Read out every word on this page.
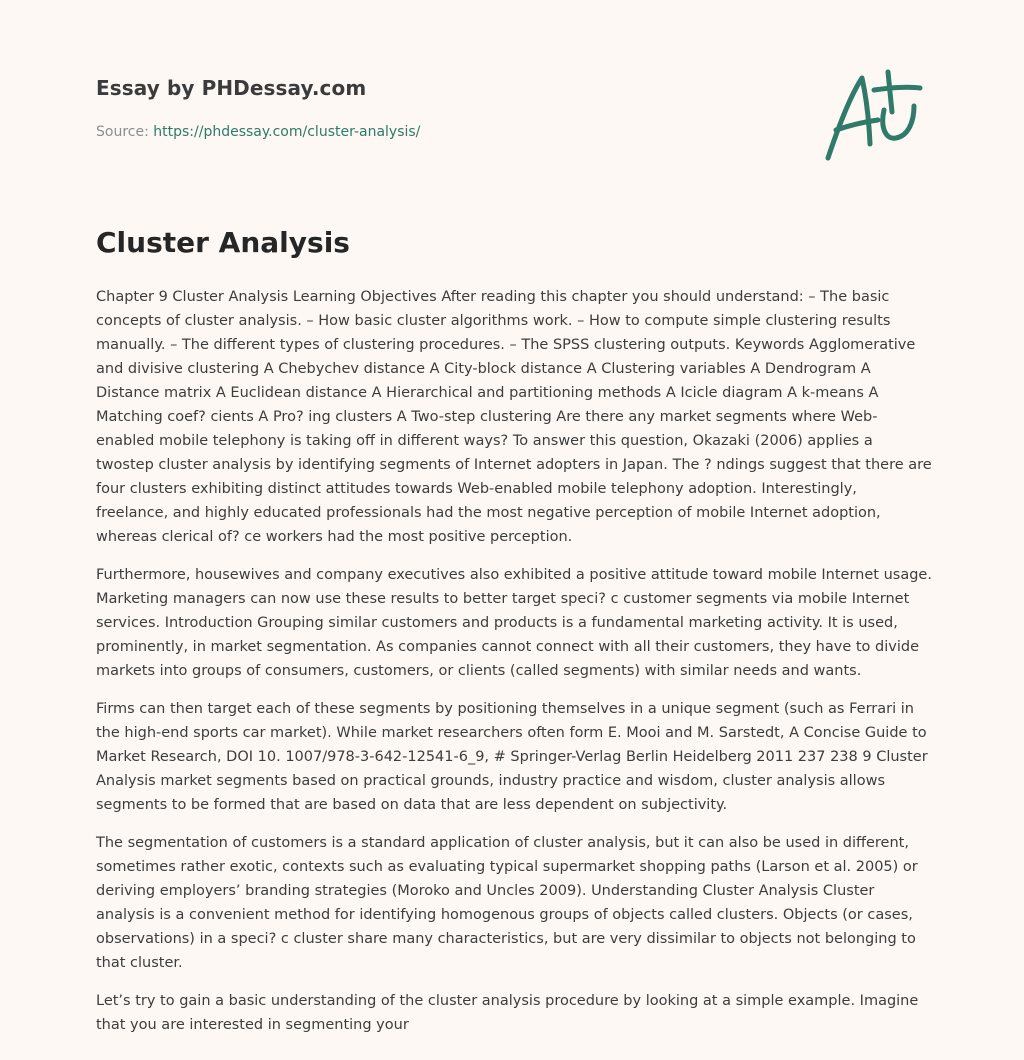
Essay by PHDessay.com
Source: https://phdessay.com/cluster-analysis/
Cluster Analysis

Chapter 9 Cluster Analysis Learning Objectives After reading this chapter you should understand: – The basic concepts of cluster analysis. – How basic cluster algorithms work. – How to compute simple clustering results manually. – The different types of clustering procedures. – The SPSS clustering outputs. Keywords Agglomerative and divisive clustering A Chebychev distance A City-block distance A Clustering variables A Dendrogram A Distance matrix A Euclidean distance A Hierarchical and partitioning methods A Icicle diagram A k-means A Matching coef? cients A Pro? ing clusters A Two-step clustering Are there any market segments where Web-enabled mobile telephony is taking off in different ways? To answer this question, Okazaki (2006) applies a twostep cluster analysis by identifying segments of Internet adopters in Japan. The ? ndings suggest that there are four clusters exhibiting distinct attitudes towards Web-enabled mobile telephony adoption. Interestingly, freelance, and highly educated professionals had the most negative perception of mobile Internet adoption, whereas clerical of? ce workers had the most positive perception.

Furthermore, housewives and company executives also exhibited a positive attitude toward mobile Internet usage. Marketing managers can now use these results to better target speci? c customer segments via mobile Internet services. Introduction Grouping similar customers and products is a fundamental marketing activity. It is used, prominently, in market segmentation. As companies cannot connect with all their customers, they have to divide markets into groups of consumers, customers, or clients (called segments) with similar needs and wants.

Firms can then target each of these segments by positioning themselves in a unique segment (such as Ferrari in the high-end sports car market). While market researchers often form E. Mooi and M. Sarstedt, A Concise Guide to Market Research, DOI 10. 1007/978-3-642-12541-6_9, # Springer-Verlag Berlin Heidelberg 2011 237 238 9 Cluster Analysis market segments based on practical grounds, industry practice and wisdom, cluster analysis allows segments to be formed that are based on data that are less dependent on subjectivity.

The segmentation of customers is a standard application of cluster analysis, but it can also be used in different, sometimes rather exotic, contexts such as evaluating typical supermarket shopping paths (Larson et al. 2005) or deriving employers’ branding strategies (Moroko and Uncles 2009). Understanding Cluster Analysis Cluster analysis is a convenient method for identifying homogenous groups of objects called clusters. Objects (or cases, observations) in a speci? c cluster share many characteristics, but are very dissimilar to objects not belonging to that cluster.

Let’s try to gain a basic understanding of the cluster analysis procedure by looking at a simple example. Imagine that you are interested in segmenting your
